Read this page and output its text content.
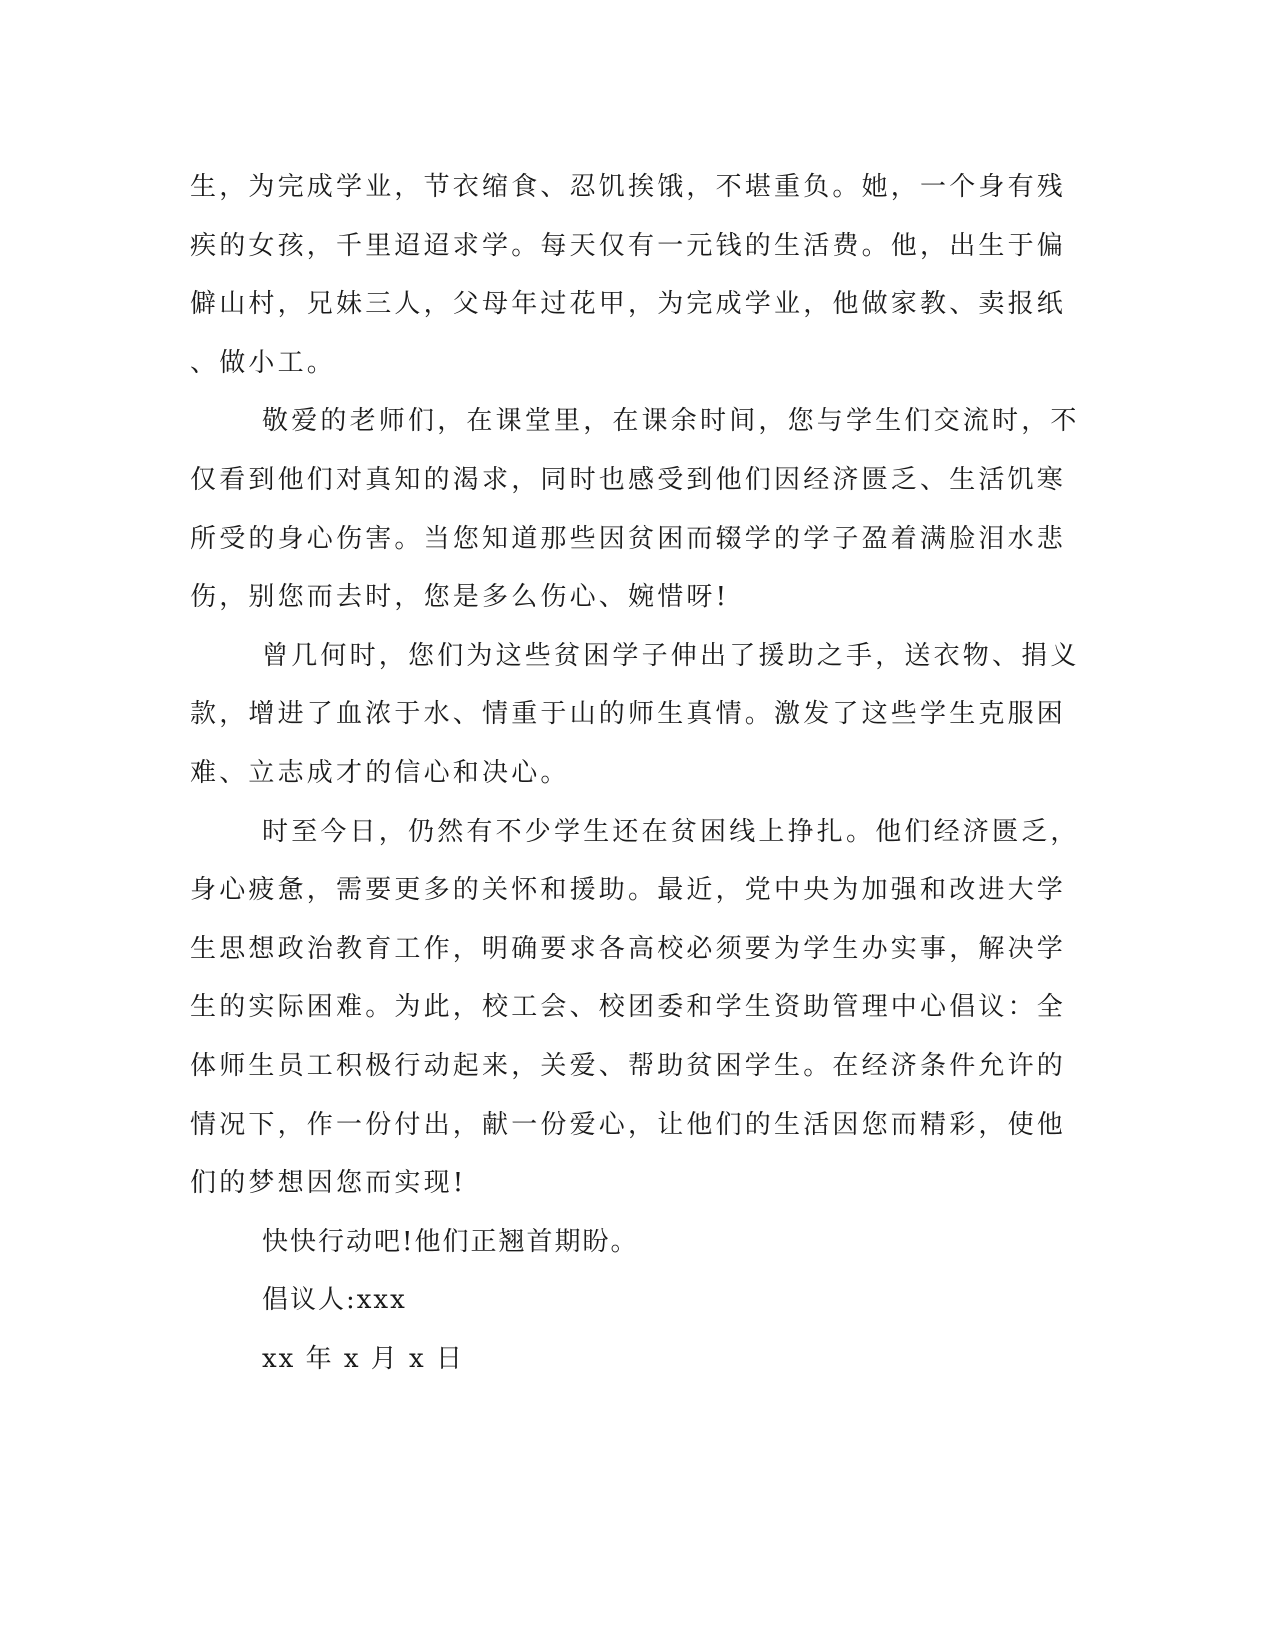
生，为完成学业，节衣缩食、忍饥挨饿，不堪重负。她，一个身有残
疾的女孩，千里迢迢求学。每天仅有一元钱的生活费。他，出生于偏
僻山村，兄妹三人，父母年过花甲，为完成学业，他做家教、卖报纸
、做小工。
敬爱的老师们，在课堂里，在课余时间，您与学生们交流时，不
仅看到他们对真知的渴求，同时也感受到他们因经济匮乏、生活饥寒
所受的身心伤害。当您知道那些因贫困而辍学的学子盈着满脸泪水悲
伤，别您而去时，您是多么伤心、婉惜呀!
曾几何时，您们为这些贫困学子伸出了援助之手，送衣物、捐义
款，增进了血浓于水、情重于山的师生真情。激发了这些学生克服困
难、立志成才的信心和决心。
时至今日，仍然有不少学生还在贫困线上挣扎。他们经济匮乏，
身心疲惫，需要更多的关怀和援助。最近，党中央为加强和改进大学
生思想政治教育工作，明确要求各高校必须要为学生办实事，解决学
生的实际困难。为此，校工会、校团委和学生资助管理中心倡议：全
体师生员工积极行动起来，关爱、帮助贫困学生。在经济条件允许的
情况下，作一份付出，献一份爱心，让他们的生活因您而精彩，使他
们的梦想因您而实现!
快快行动吧!他们正翘首期盼。
倡议人:xxx
xx 年 x 月 x 日
